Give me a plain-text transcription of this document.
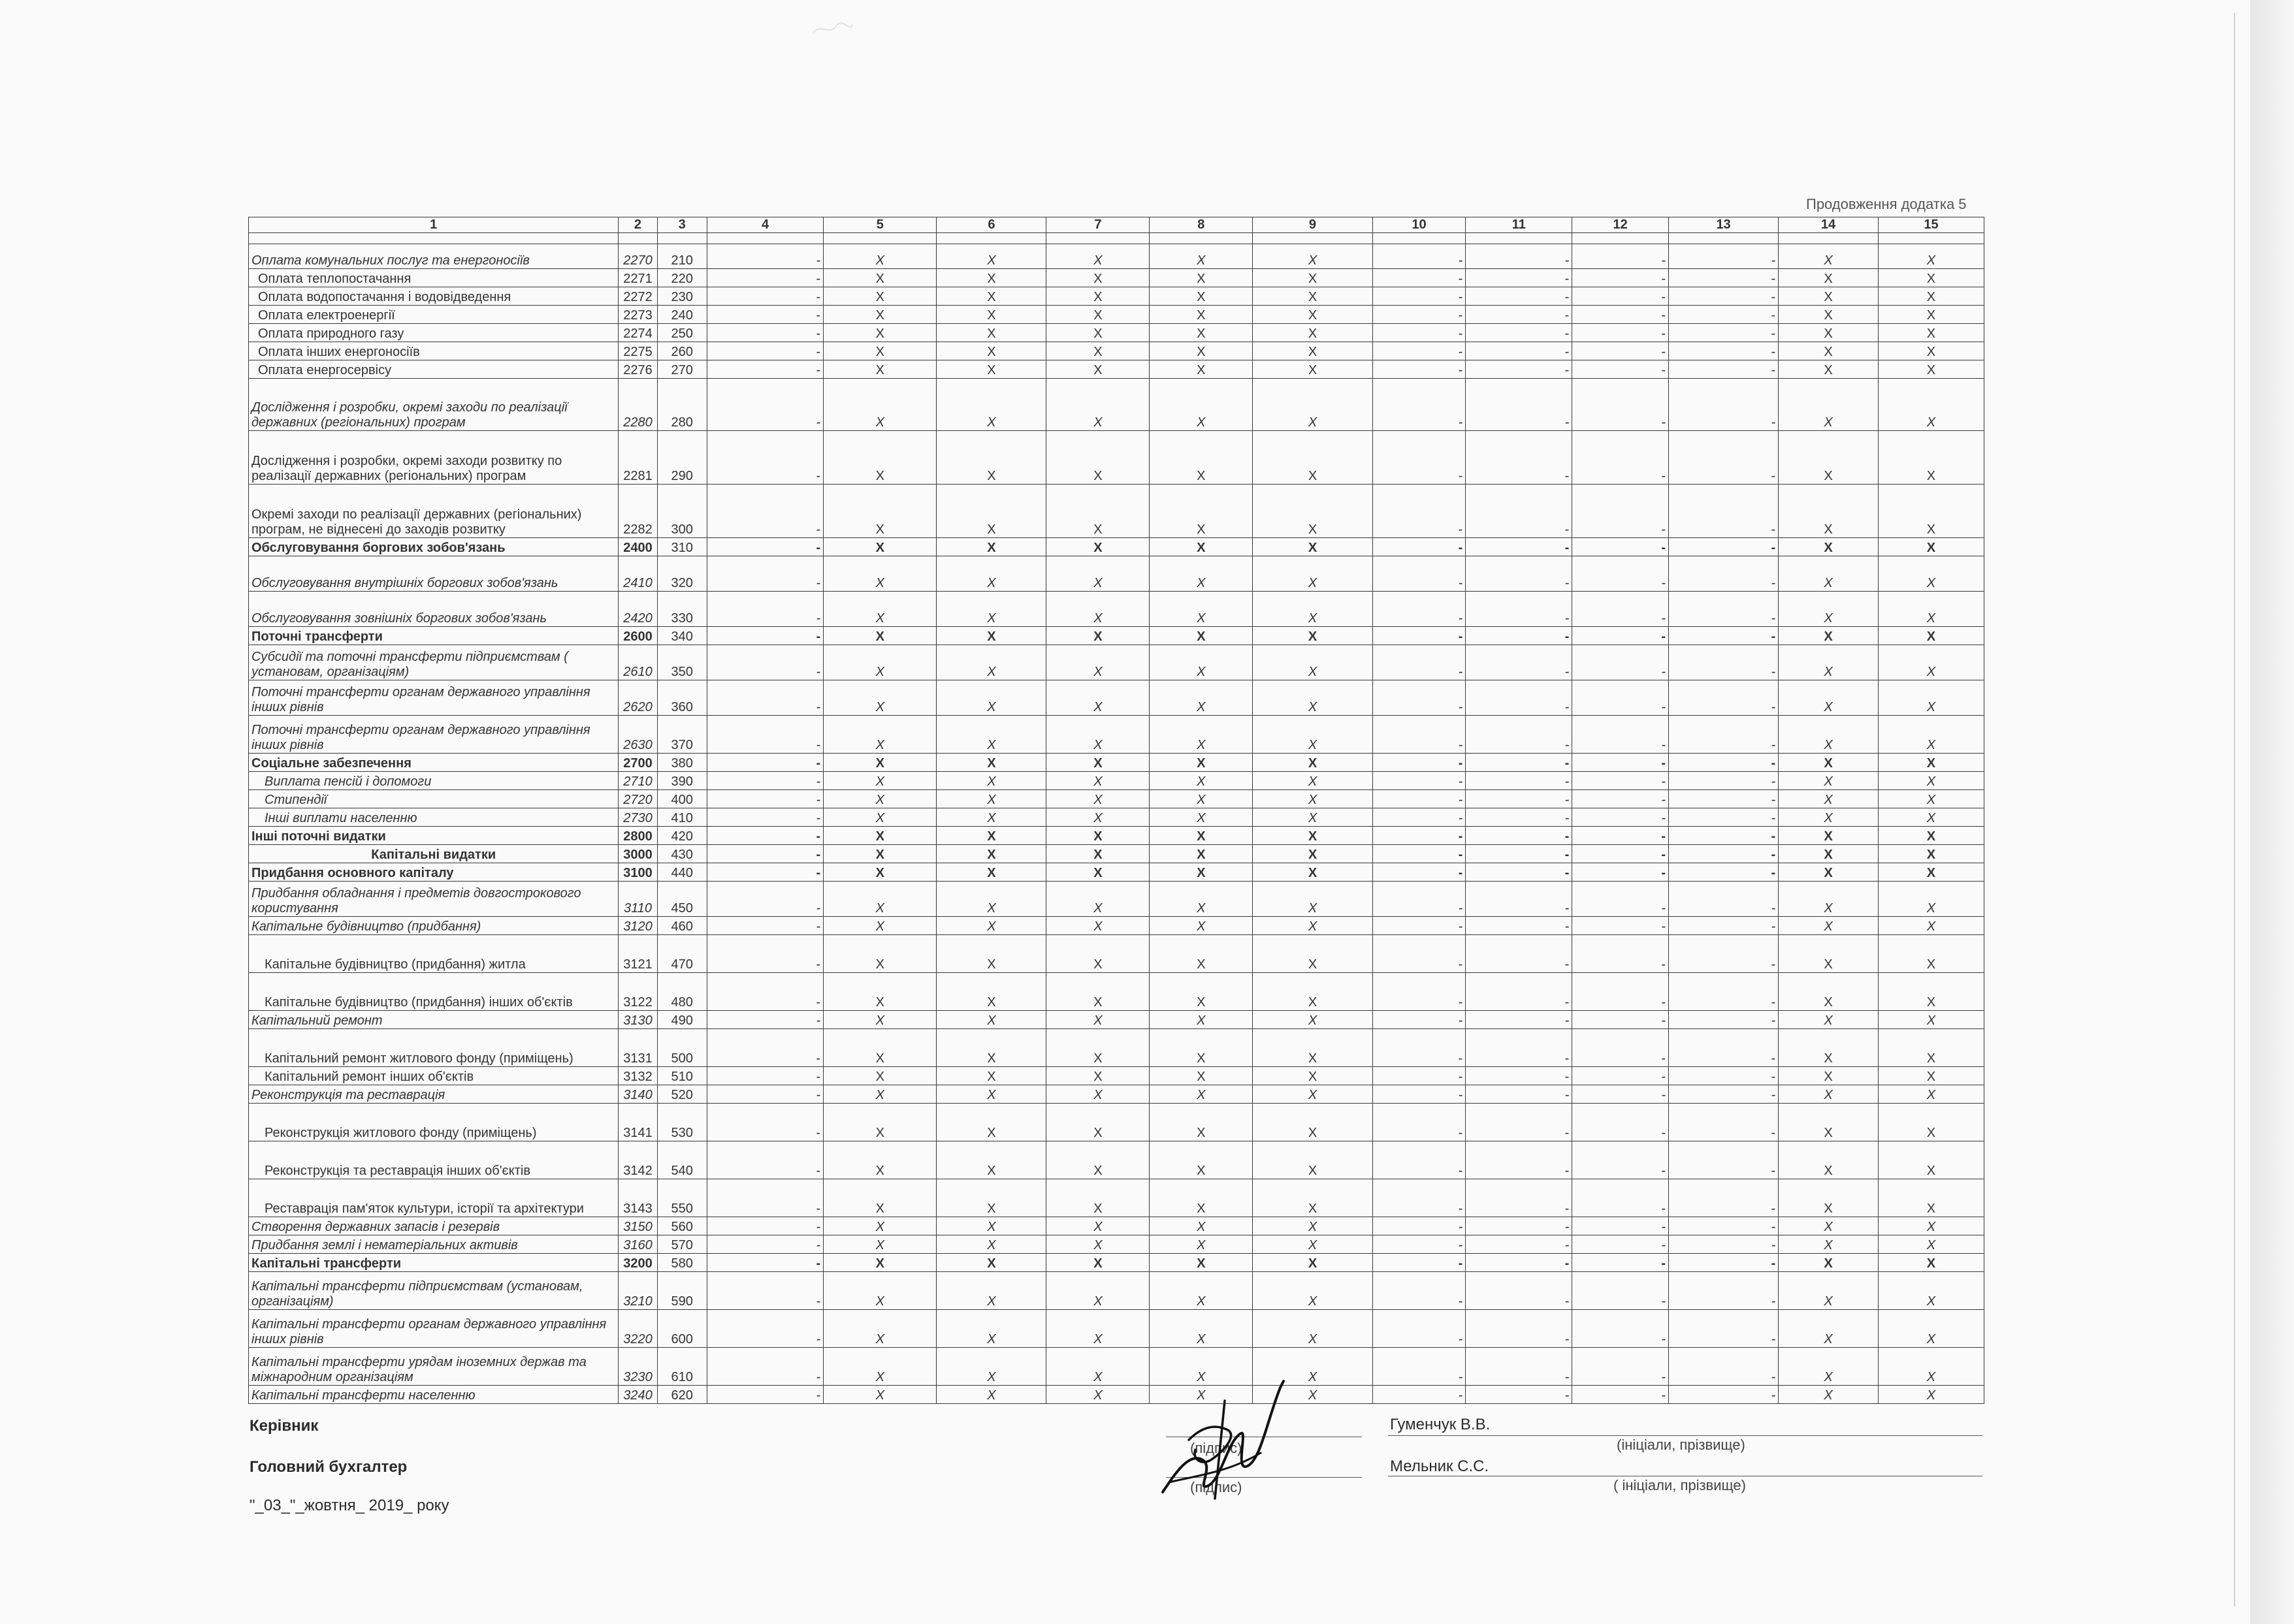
Продовження додатка 5
1	2	3	4	5	6	7	8	9	10	11	12	13	14	15

Оплата комунальних послуг та енергоносіїв	2270	210	-	X	X	X	X	X	-	-	-	-	X	X
Оплата теплопостачання	2271	220	-	X	X	X	X	X	-	-	-	-	X	X
Оплата водопостачання і водовідведення	2272	230	-	X	X	X	X	X	-	-	-	-	X	X
Оплата електроенергії	2273	240	-	X	X	X	X	X	-	-	-	-	X	X
Оплата природного газу	2274	250	-	X	X	X	X	X	-	-	-	-	X	X
Оплата інших енергоносіїв	2275	260	-	X	X	X	X	X	-	-	-	-	X	X
Оплата енергосервісу	2276	270	-	X	X	X	X	X	-	-	-	-	X	X
Дослідження і розробки, окремі заходи по реалізації державних (регіональних) програм	2280	280	-	X	X	X	X	X	-	-	-	-	X	X
Дослідження і розробки, окремі заходи розвитку по реалізації державних (регіональних) програм	2281	290	-	X	X	X	X	X	-	-	-	-	X	X
Окремі заходи по реалізації державних (регіональних) програм, не віднесені до заходів розвитку	2282	300	-	X	X	X	X	X	-	-	-	-	X	X
Обслуговування боргових зобов'язань	2400	310	-	X	X	X	X	X	-	-	-	-	X	X
Обслуговування внутрішніх боргових зобов'язань	2410	320	-	X	X	X	X	X	-	-	-	-	X	X
Обслуговування зовнішніх боргових зобов'язань	2420	330	-	X	X	X	X	X	-	-	-	-	X	X
Поточні трансферти	2600	340	-	X	X	X	X	X	-	-	-	-	X	X
Субсидії та поточні трансферти підприємствам ( установам, організаціям)	2610	350	-	X	X	X	X	X	-	-	-	-	X	X
Поточні трансферти органам державного управління інших рівнів	2620	360	-	X	X	X	X	X	-	-	-	-	X	X
Поточні трансферти органам державного управління інших рівнів	2630	370	-	X	X	X	X	X	-	-	-	-	X	X
Соціальне забезпечення	2700	380	-	X	X	X	X	X	-	-	-	-	X	X
Виплата пенсій і допомоги	2710	390	-	X	X	X	X	X	-	-	-	-	X	X
Стипендії	2720	400	-	X	X	X	X	X	-	-	-	-	X	X
Інші виплати населенню	2730	410	-	X	X	X	X	X	-	-	-	-	X	X
Інші поточні видатки	2800	420	-	X	X	X	X	X	-	-	-	-	X	X
Капітальні видатки	3000	430	-	X	X	X	X	X	-	-	-	-	X	X
Придбання основного капіталу	3100	440	-	X	X	X	X	X	-	-	-	-	X	X
Придбання обладнання і предметів довгострокового користування	3110	450	-	X	X	X	X	X	-	-	-	-	X	X
Капітальне будівництво (придбання)	3120	460	-	X	X	X	X	X	-	-	-	-	X	X
Капітальне будівництво (придбання) житла	3121	470	-	X	X	X	X	X	-	-	-	-	X	X
Капітальне будівництво (придбання) інших об'єктів	3122	480	-	X	X	X	X	X	-	-	-	-	X	X
Капітальний ремонт	3130	490	-	X	X	X	X	X	-	-	-	-	X	X
Капітальний ремонт житлового фонду (приміщень)	3131	500	-	X	X	X	X	X	-	-	-	-	X	X
Капітальний ремонт інших об'єктів	3132	510	-	X	X	X	X	X	-	-	-	-	X	X
Реконструкція та реставрація	3140	520	-	X	X	X	X	X	-	-	-	-	X	X
Реконструкція житлового фонду (приміщень)	3141	530	-	X	X	X	X	X	-	-	-	-	X	X
Реконструкція та реставрація інших об'єктів	3142	540	-	X	X	X	X	X	-	-	-	-	X	X
Реставрація пам'яток культури, історії та архітектури	3143	550	-	X	X	X	X	X	-	-	-	-	X	X
Створення державних запасів і резервів	3150	560	-	X	X	X	X	X	-	-	-	-	X	X
Придбання землі і нематеріальних активів	3160	570	-	X	X	X	X	X	-	-	-	-	X	X
Капітальні трансферти	3200	580	-	X	X	X	X	X	-	-	-	-	X	X
Капітальні трансферти підприємствам (установам, організаціям)	3210	590	-	X	X	X	X	X	-	-	-	-	X	X
Капітальні трансферти органам державного управління інших рівнів	3220	600	-	X	X	X	X	X	-	-	-	-	X	X
Капітальні трансферти урядам іноземних держав та міжнародним організаціям	3230	610	-	X	X	X	X	X	-	-	-	-	X	X
Капітальні трансферти населенню	3240	620	-	X	X	X	X	X	-	-	-	-	X	X
Керівник
Головний бухгалтер
"_03_"_жовтня_ 2019_ року
(підпис)
(підпис)
Гуменчук В.В.
(ініціали, прізвище)
Мельник С.С.
( ініціали, прізвище)
